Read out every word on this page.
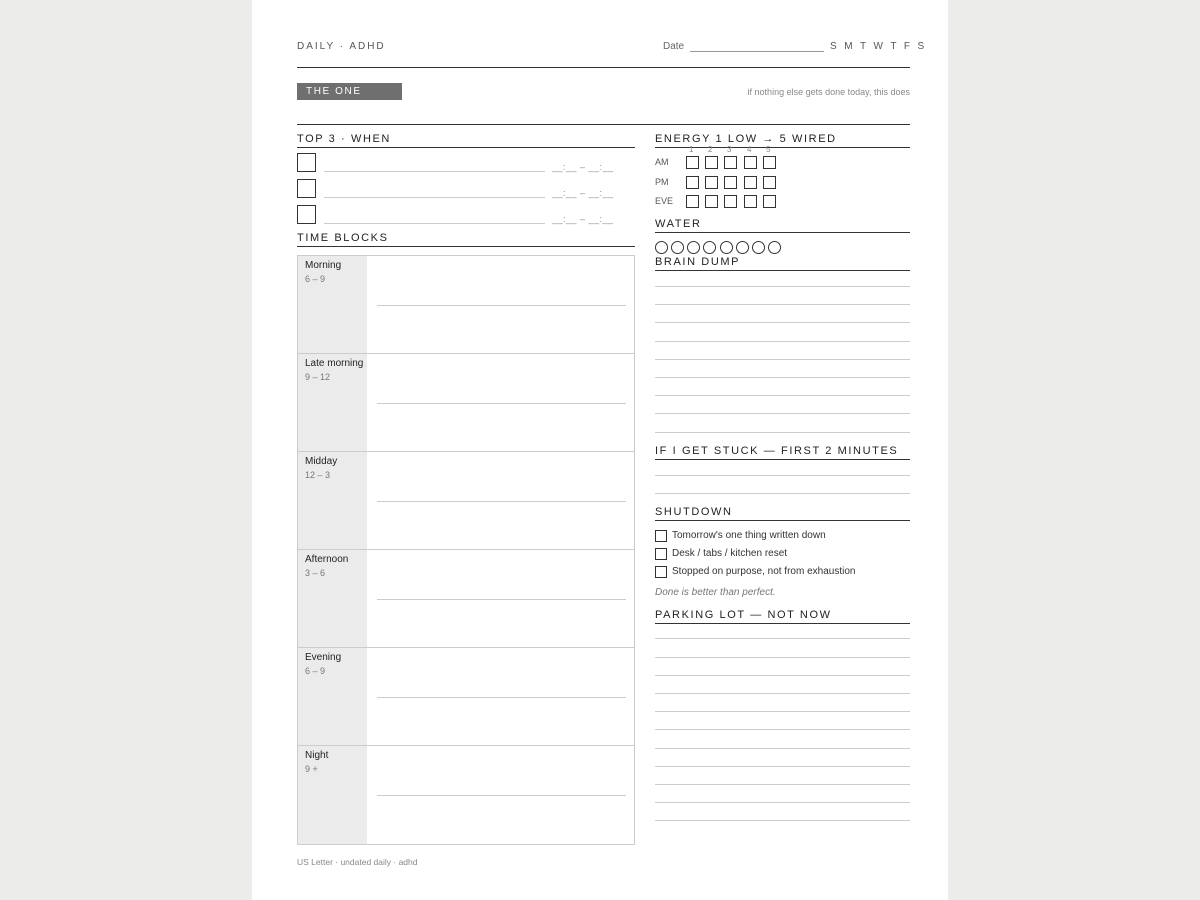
DAILY · ADHD	Date	S M T W T F S
THE ONE THING
if nothing else gets done today, this does
TOP 3 · WHEN
__:__ – __:__
__:__ – __:__
__:__ – __:__
TIME BLOCKS
Morning
6 – 9
Late morning
9 – 12
Midday
12 – 3
Afternoon
3 – 6
Evening
6 – 9
Night
9 +
ENERGY 1 LOW → 5 WIRED
1 2 3 4 5
AM
PM
EVE
WATER
BRAIN DUMP
IF I GET STUCK — FIRST 2 MINUTES
SHUTDOWN
Tomorrow's one thing written down
Desk / tabs / kitchen reset
Stopped on purpose, not from exhaustion
Done is better than perfect.
PARKING LOT — NOT NOW
US Letter · undated daily · adhd
